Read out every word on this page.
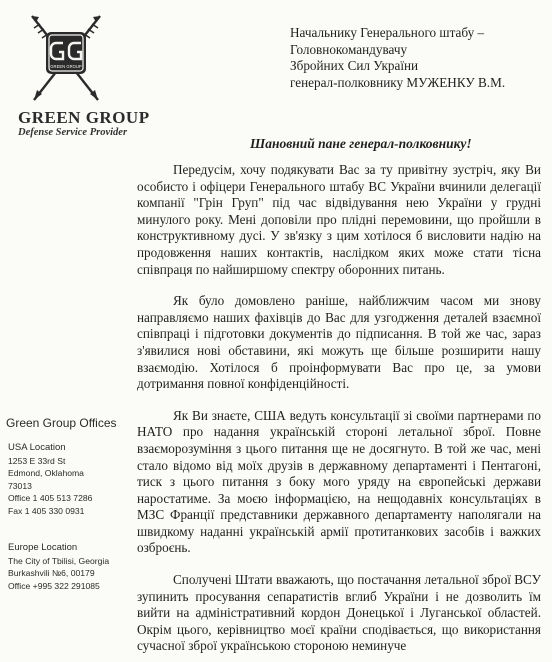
GREEN GROUP
GREEN GROUP
Defense Service Provider
Начальнику Генерального штабу –
Головнокомандувачу
Збройних Сил України
генерал-полковнику МУЖЕНКУ В.М.
Шановний пане генерал-полковнику!

Передусім, хочу подякувати Вас за ту привітну зустріч, яку Ви особисто і офіцери Генерального штабу ВС України вчинили делегації компанії "Грін Груп" під час відвідування нею України у грудні минулого року. Мені доповіли про плідні перемовини, що пройшли в конструктивному дусі. У зв'язку з цим хотілося б висловити надію на продовження наших контактів, наслідком яких може стати тісна співпраця по найширшому спектру оборонних питань.

Як було домовлено раніше, найближчим часом ми знову направляємо наших фахівців до Вас для узгодження деталей взаємної співпраці і підготовки документів до підписання. В той же час, зараз з'явилися нові обставини, які можуть ще більше розширити нашу взаємодію. Хотілося б проінформувати Вас про це, за умови дотримання повної конфіденційності.

Як Ви знаєте, США ведуть консультації зі своїми партнерами по НАТО про надання українській стороні летальної зброї. Повне взаєморозуміння з цього питання ще не досягнуто. В той же час, мені стало відомо від моїх друзів в державному департаменті і Пентагоні, тиск з цього питання з боку мого уряду на європейські держави наростатиме. За моєю інформацією, на нещодавніх консультаціях в МЗС Франції представники державного департаменту наполягали на швидкому наданні українській армії протитанкових засобів і важких озброєнь.

Сполучені Штати вважають, що постачання летальної зброї ВСУ зупинить просування сепаратистів вглиб України і не дозволить їм вийти на адміністративний кордон Донецької і Луганської областей. Окрім цього, керівництво моєї країни сподівається, що використання сучасної зброї українською стороною неминуче

Green Group Offices
USA Location
1253 E 33rd St
Edmond, Oklahoma
73013
Office 1 405 513 7286
Fax 1 405 330 0931
Europe Location
The City of Tbilisi, Georgia
Burkashvili №6, 00179
Office +995 322 291085
